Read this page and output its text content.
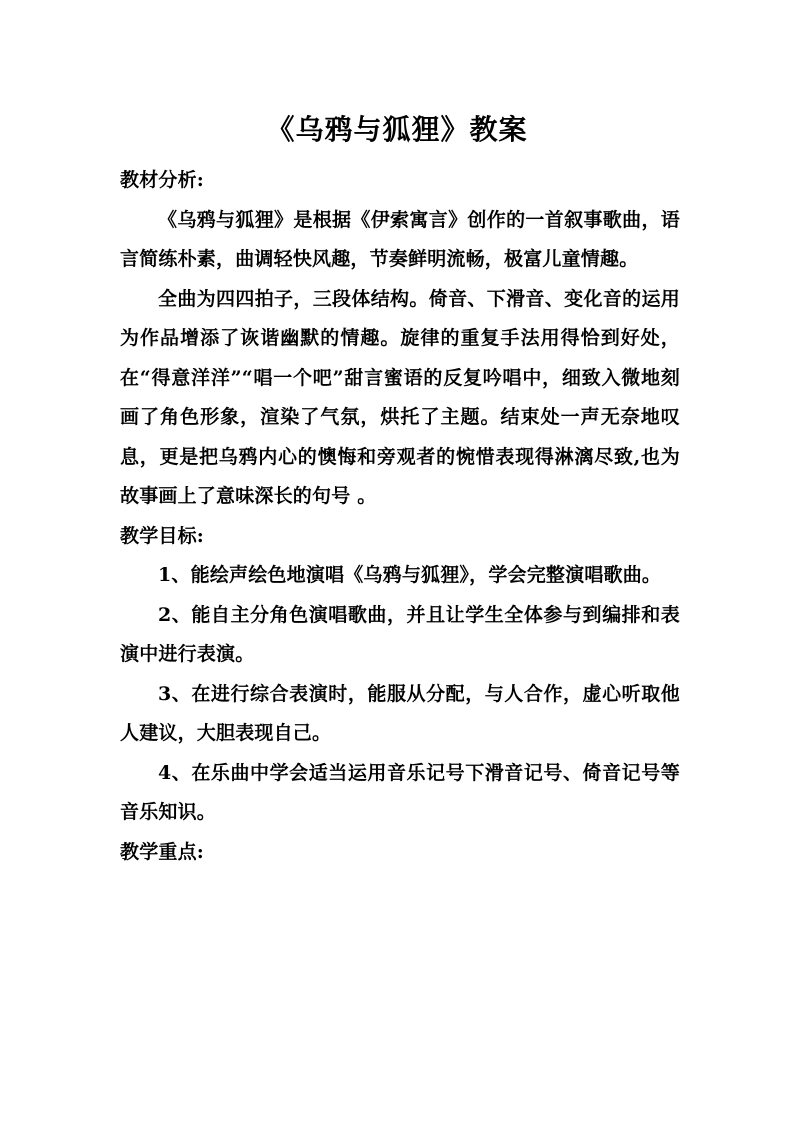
《乌鸦与狐狸》教案

教材分析:

《乌鸦与狐狸》是根据《伊索寓言》创作的一首叙事歌曲，语言简练朴素，曲调轻快风趣，节奏鲜明流畅，极富儿童情趣。

全曲为四四拍子，三段体结构。倚音、下滑音、变化音的运用为作品增添了诙谐幽默的情趣。旋律的重复手法用得恰到好处，在“得意洋洋”“唱一个吧”甜言蜜语的反复吟唱中，细致入微地刻画了角色形象，渲染了气氛，烘托了主题。结束处一声无奈地叹息，更是把乌鸦内心的懊悔和旁观者的惋惜表现得淋漓尽致,也为故事画上了意味深长的句号 。

教学目标:

1、能绘声绘色地演唱《乌鸦与狐狸》，学会完整演唱歌曲。

2、能自主分角色演唱歌曲，并且让学生全体参与到编排和表演中进行表演。

3、在进行综合表演时，能服从分配，与人合作，虚心听取他人建议，大胆表现自己。

4、在乐曲中学会适当运用音乐记号下滑音记号、倚音记号等音乐知识。

教学重点:
